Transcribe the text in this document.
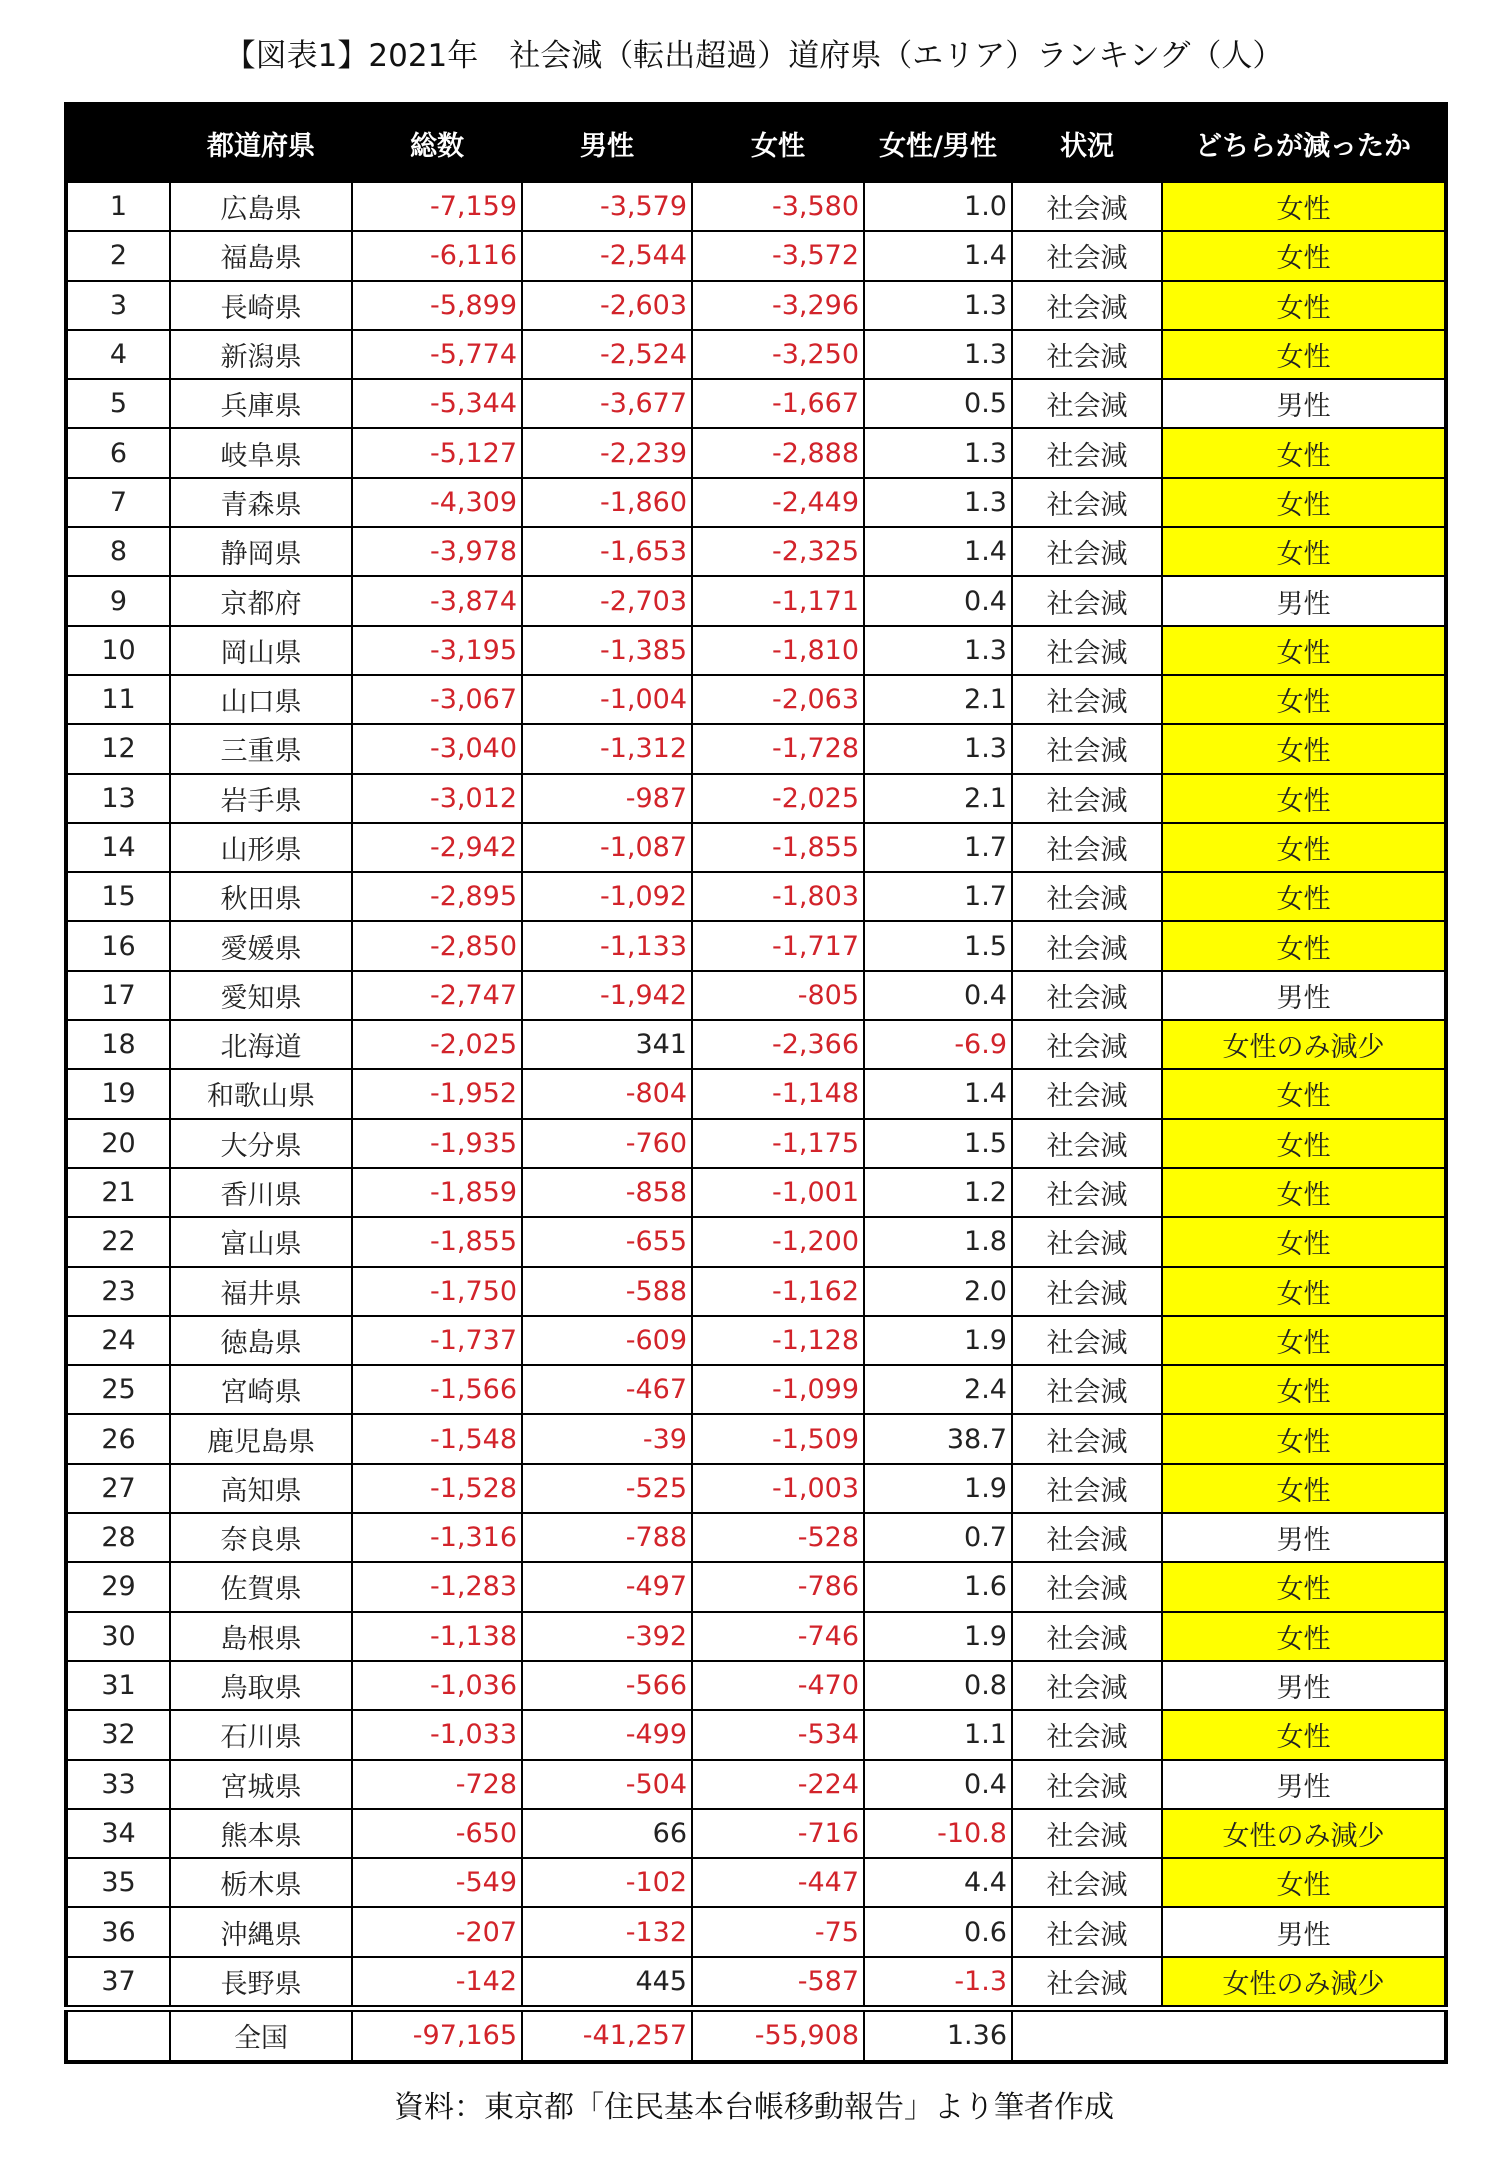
【図表1】2021年　社会減（転出超過）道府県（エリア）ランキング（人）
	都道府県	総数	男性	女性	女性/男性	状況	どちらが減ったか
1	広島県	-7,159	-3,579	-3,580	1.0	社会減	女性
2	福島県	-6,116	-2,544	-3,572	1.4	社会減	女性
3	長崎県	-5,899	-2,603	-3,296	1.3	社会減	女性
4	新潟県	-5,774	-2,524	-3,250	1.3	社会減	女性
5	兵庫県	-5,344	-3,677	-1,667	0.5	社会減	男性
6	岐阜県	-5,127	-2,239	-2,888	1.3	社会減	女性
7	青森県	-4,309	-1,860	-2,449	1.3	社会減	女性
8	静岡県	-3,978	-1,653	-2,325	1.4	社会減	女性
9	京都府	-3,874	-2,703	-1,171	0.4	社会減	男性
10	岡山県	-3,195	-1,385	-1,810	1.3	社会減	女性
11	山口県	-3,067	-1,004	-2,063	2.1	社会減	女性
12	三重県	-3,040	-1,312	-1,728	1.3	社会減	女性
13	岩手県	-3,012	-987	-2,025	2.1	社会減	女性
14	山形県	-2,942	-1,087	-1,855	1.7	社会減	女性
15	秋田県	-2,895	-1,092	-1,803	1.7	社会減	女性
16	愛媛県	-2,850	-1,133	-1,717	1.5	社会減	女性
17	愛知県	-2,747	-1,942	-805	0.4	社会減	男性
18	北海道	-2,025	341	-2,366	-6.9	社会減	女性のみ減少
19	和歌山県	-1,952	-804	-1,148	1.4	社会減	女性
20	大分県	-1,935	-760	-1,175	1.5	社会減	女性
21	香川県	-1,859	-858	-1,001	1.2	社会減	女性
22	富山県	-1,855	-655	-1,200	1.8	社会減	女性
23	福井県	-1,750	-588	-1,162	2.0	社会減	女性
24	徳島県	-1,737	-609	-1,128	1.9	社会減	女性
25	宮崎県	-1,566	-467	-1,099	2.4	社会減	女性
26	鹿児島県	-1,548	-39	-1,509	38.7	社会減	女性
27	高知県	-1,528	-525	-1,003	1.9	社会減	女性
28	奈良県	-1,316	-788	-528	0.7	社会減	男性
29	佐賀県	-1,283	-497	-786	1.6	社会減	女性
30	島根県	-1,138	-392	-746	1.9	社会減	女性
31	鳥取県	-1,036	-566	-470	0.8	社会減	男性
32	石川県	-1,033	-499	-534	1.1	社会減	女性
33	宮城県	-728	-504	-224	0.4	社会減	男性
34	熊本県	-650	66	-716	-10.8	社会減	女性のみ減少
35	栃木県	-549	-102	-447	4.4	社会減	女性
36	沖縄県	-207	-132	-75	0.6	社会減	男性
37	長野県	-142	445	-587	-1.3	社会減	女性のみ減少
	全国	-97,165	-41,257	-55,908	1.36		
資料：東京都「住民基本台帳移動報告」より筆者作成
